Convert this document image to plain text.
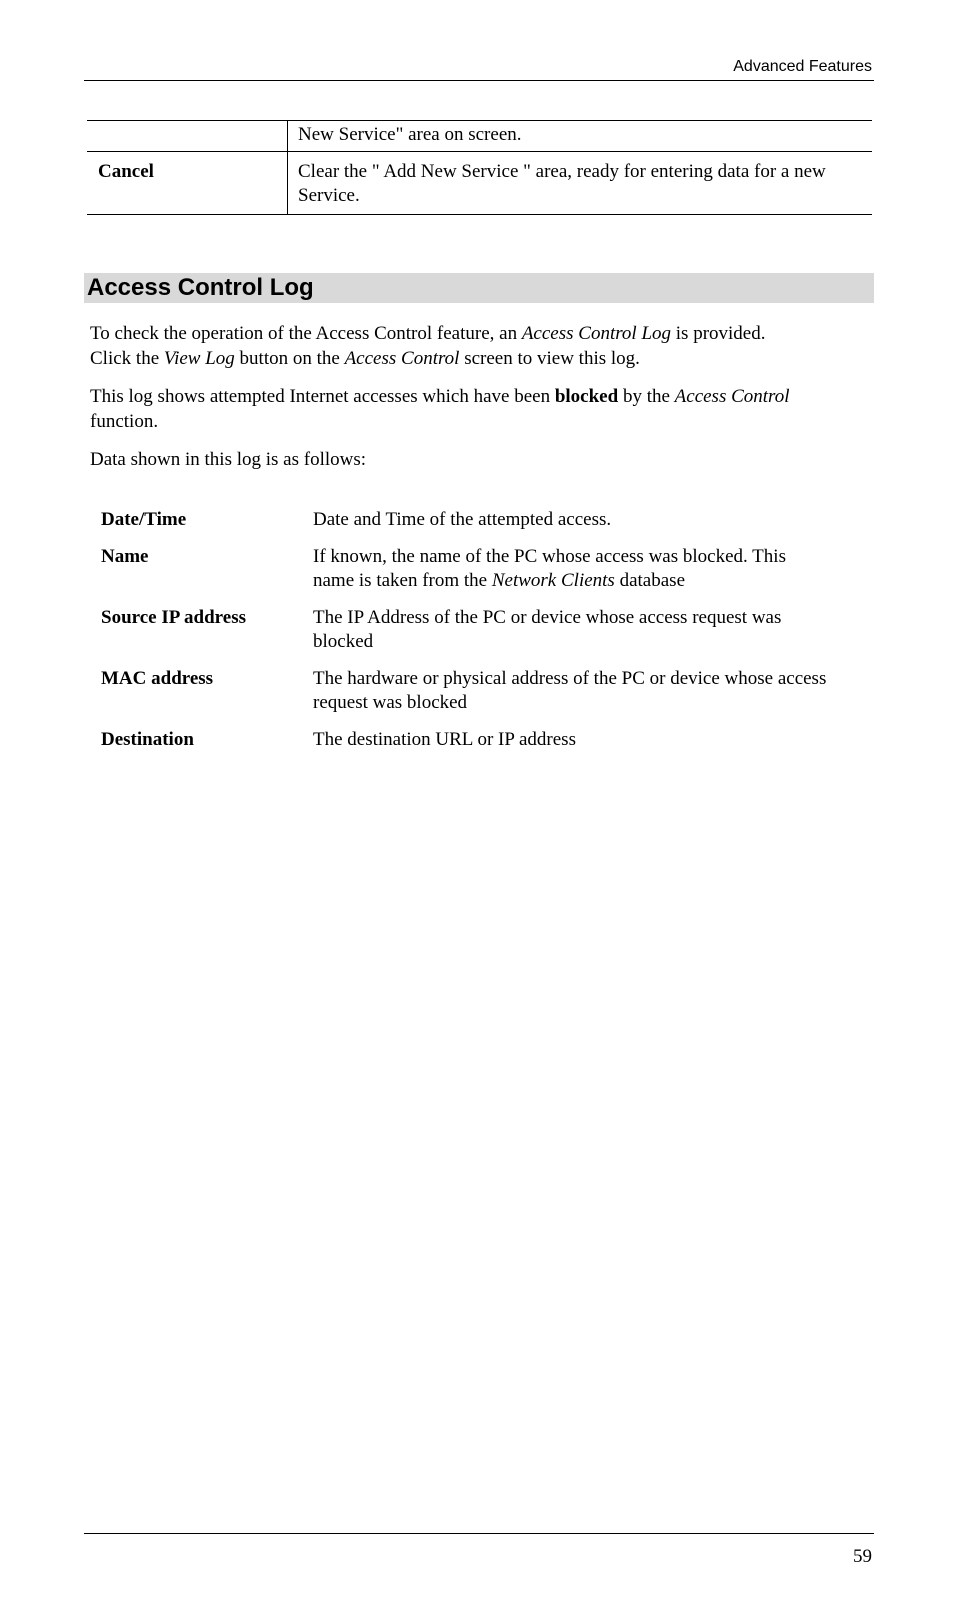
Advanced Features
	New Service" area on screen.
Cancel	Clear the " Add New Service " area, ready for entering data for a new Service.
Access Control Log

To check the operation of the Access Control feature, an Access Control Log is provided.
Click the View Log button on the Access Control screen to view this log.

This log shows attempted Internet accesses which have been blocked by the Access Control
function.

Data shown in this log is as follows:

Date/Time	Date and Time of the attempted access.
Name	If known, the name of the PC whose access was blocked. This
name is taken from the Network Clients database
Source IP address	The IP Address of the PC or device whose access request was
blocked
MAC address	The hardware or physical address of the PC or device whose access
request was blocked
Destination	The destination URL or IP address
59
